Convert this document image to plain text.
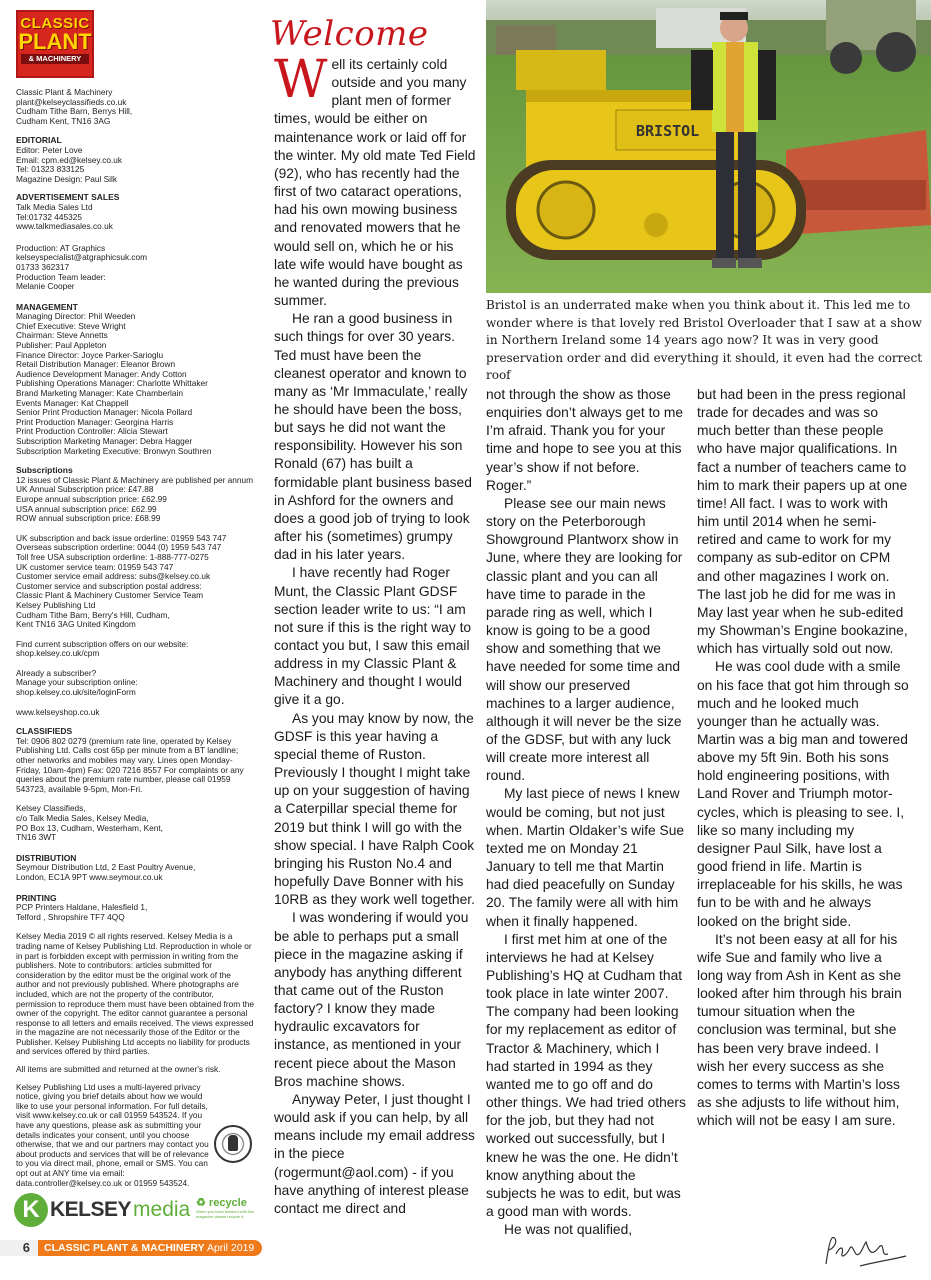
CLASSIC
PLANT
& MACHINERY

Classic Plant & Machinery

plant@kelseyclassifieds.co.uk

Cudham Tithe Barn, Berrys Hill,

Cudham Kent, TN16 3AG

EDITORIAL

Editor: Peter Love

Email: cpm.ed@kelsey.co.uk

Tel: 01323 833125

Magazine Design: Paul Silk

ADVERTISEMENT SALES

Talk Media Sales Ltd

Tel:01732 445325

www.talkmediasales.co.uk

Production: AT Graphics

kelseyspecialist@atgraphicsuk.com

01733 362317

Production Team leader:

Melanie Cooper

MANAGEMENT

Managing Director: Phil Weeden

Chief Executive: Steve Wright

Chairman: Steve Annetts

Publisher: Paul Appleton

Finance Director: Joyce Parker-Sarioglu

Retail Distribution Manager: Eleanor Brown

Audience Development Manager: Andy Cotton

Publishing Operations Manager: Charlotte Whittaker

Brand Marketing Manager: Kate Chamberlain

Events Manager: Kat Chappell

Senior Print Production Manager: Nicola Pollard

Print Production Manager: Georgina Harris

Print Production Controller: Alicia Stewart

Subscription Marketing Manager: Debra Hagger

Subscription Marketing Executive: Bronwyn Southren

Subscriptions

12 issues of Classic Plant & Machinery are published per annum

UK Annual Subscription price: £47.88

Europe annual subscription price: £62.99

USA annual subscription price: £62.99

ROW annual subscription price: £68.99

UK subscription and back issue orderline: 01959 543 747

Overseas subscription orderline: 0044 (0) 1959 543 747

Toll free USA subscription orderline: 1-888-777-0275

UK customer service team: 01959 543 747

Customer service email address: subs@kelsey.co.uk

Customer service and subscription postal address:

Classic Plant & Machinery Customer Service Team

Kelsey Publishing Ltd

Cudham Tithe Barn, Berry's Hill, Cudham,

Kent TN16 3AG United Kingdom

Find current subscription offers on our website:

shop.kelsey.co.uk/cpm

Already a subscriber?

Manage your subscription online:

shop.kelsey.co.uk/site/loginForm

www.kelseyshop.co.uk

CLASSIFIEDS

Tel: 0906 802 0279 (premium rate line, operated by Kelsey Publishing Ltd. Calls cost 65p per minute from a BT landline; other networks and mobiles may vary. Lines open Monday-Friday, 10am-4pm) Fax: 020 7216 8557 For complaints or any queries about the premium rate number, please call 01959 543723, available 9-5pm, Mon-Fri.

Kelsey Classifieds,

c/o Talk Media Sales, Kelsey Media,

PO Box 13, Cudham, Westerham, Kent,

TN16 3WT

DISTRIBUTION

Seymour Distribution Ltd, 2 East Poultry Avenue,

London, EC1A 9PT www.seymour.co.uk

PRINTING

PCP Printers Haldane, Halesfield 1,

Telford , Shropshire TF7 4QQ

Kelsey Media 2019 © all rights reserved. Kelsey Media is a trading name of Kelsey Publishing Ltd. Reproduction in whole or in part is forbidden except with permission in writing from the publishers. Note to contributors: articles submitted for consideration by the editor must be the original work of the author and not previously published. Where photographs are included, which are not the property of the contributor, permission to reproduce them must have been obtained from the owner of the copyright. The editor cannot guarantee a personal response to all letters and emails received. The views expressed in the magazine are not necessarily those of the Editor or the Publisher. Kelsey Publishing Ltd accepts no liability for products and services offered by third parties.

All items are submitted and returned at the owner's risk.

Kelsey Publishing Ltd uses a multi-layered privacy notice, giving you brief details about how we would like to use your personal information. For full details, visit www.kelsey.co.uk or call 01959 543524. If you have any questions, please ask as submitting your details indicates your consent, until you choose otherwise, that we and our partners may contact you about products and services that will be of relevance to you via direct mail, phone, email or SMS. You can opt out at ANY time via email: data.controller@kelsey.co.uk or 01959 543524.

K KELSEY media ♻ recycle
When you have finished with this magazine please recycle it.
6	CLASSIC PLANT & MACHINERY April 2019
Welcome
BRISTOL
Bristol is an underrated make when you think about it. This led me to wonder where is that lovely red Bristol Overloader that I saw at a show in Northern Ireland some 14 years ago now? It was in very good preservation order and did everything it should, it even had the correct roof

Well its certainly cold outside and you many plant men of former times, would be either on maintenance work or laid off for the winter. My old mate Ted Field (92), who has recently had the first of two cataract operations, had his own mowing business and renovated mowers that he would sell on, which he or his late wife would have bought as he wanted during the previous summer.

He ran a good business in such things for over 30 years. Ted must have been the cleanest operator and known to many as ‘Mr Immaculate,’ really he should have been the boss, but says he did not want the responsibility. However his son Ronald (67) has built a formidable plant business based in Ashford for the owners and does a good job of trying to look after his (sometimes) grumpy dad in his later years.

I have recently had Roger Munt, the Classic Plant GDSF section leader write to us: “I am not sure if this is the right way to contact you but, I saw this email address in my Classic Plant & Machinery and thought I would give it a go.

As you may know by now, the GDSF is this year having a special theme of Ruston. Previously I thought I might take up on your suggestion of having a Caterpillar special theme for 2019 but think I will go with the show special. I have Ralph Cook bringing his Ruston No.4 and hopefully Dave Bonner with his 10RB as they work well together.

I was wondering if would you be able to perhaps put a small piece in the magazine asking if anybody has anything different that came out of the Ruston factory? I know they made hydraulic excavators for instance, as mentioned in your recent piece about the Mason Bros machine shows.

Anyway Peter, I just thought I would ask if you can help, by all means include my email address in the piece (rogermunt@aol.com) - if you have anything of interest please contact me direct and

not through the show as those enquiries don’t always get to me I’m afraid. Thank you for your time and hope to see you at this year’s show if not before. Roger.”

Please see our main news story on the Peterborough Showground Plantworx show in June, where they are looking for classic plant and you can all have time to parade in the parade ring as well, which I know is going to be a good show and something that we have needed for some time and will show our preserved machines to a larger audience, although it will never be the size of the GDSF, but with any luck will create more interest all round.

My last piece of news I knew would be coming, but not just when. Martin Oldaker’s wife Sue texted me on Monday 21 January to tell me that Martin had died peacefully on Sunday 20. The family were all with him when it finally happened.

I first met him at one of the interviews he had at Kelsey Publishing’s HQ at Cudham that took place in late winter 2007. The company had been looking for my replacement as editor of Tractor & Machinery, which I had started in 1994 as they wanted me to go off and do other things. We had tried others for the job, but they had not worked out successfully, but I knew he was the one. He didn’t know anything about the subjects he was to edit, but was a good man with words.

He was not qualified,

but had been in the press regional trade for decades and was so much better than these people who have major qualifications. In fact a number of teachers came to him to mark their papers up at one time! All fact. I was to work with him until 2014 when he semi-retired and came to work for my company as sub-editor on CPM and other magazines I work on. The last job he did for me was in May last year when he sub-edited my Showman’s Engine bookazine, which has virtually sold out now.

He was cool dude with a smile on his face that got him through so much and he looked much younger than he actually was. Martin was a big man and towered above my 5ft 9in. Both his sons hold engineering positions, with Land Rover and Triumph motor-cycles, which is pleasing to see. I, like so many including my designer Paul Silk, have lost a good friend in life. Martin is irreplaceable for his skills, he was fun to be with and he always looked on the bright side.

It’s not been easy at all for his wife Sue and family who live a long way from Ash in Kent as she looked after him through his brain tumour situation when the conclusion was terminal, but she has been very brave indeed. I wish her every success as she comes to terms with Martin’s loss as she adjusts to life without him, which will not be easy I am sure.
